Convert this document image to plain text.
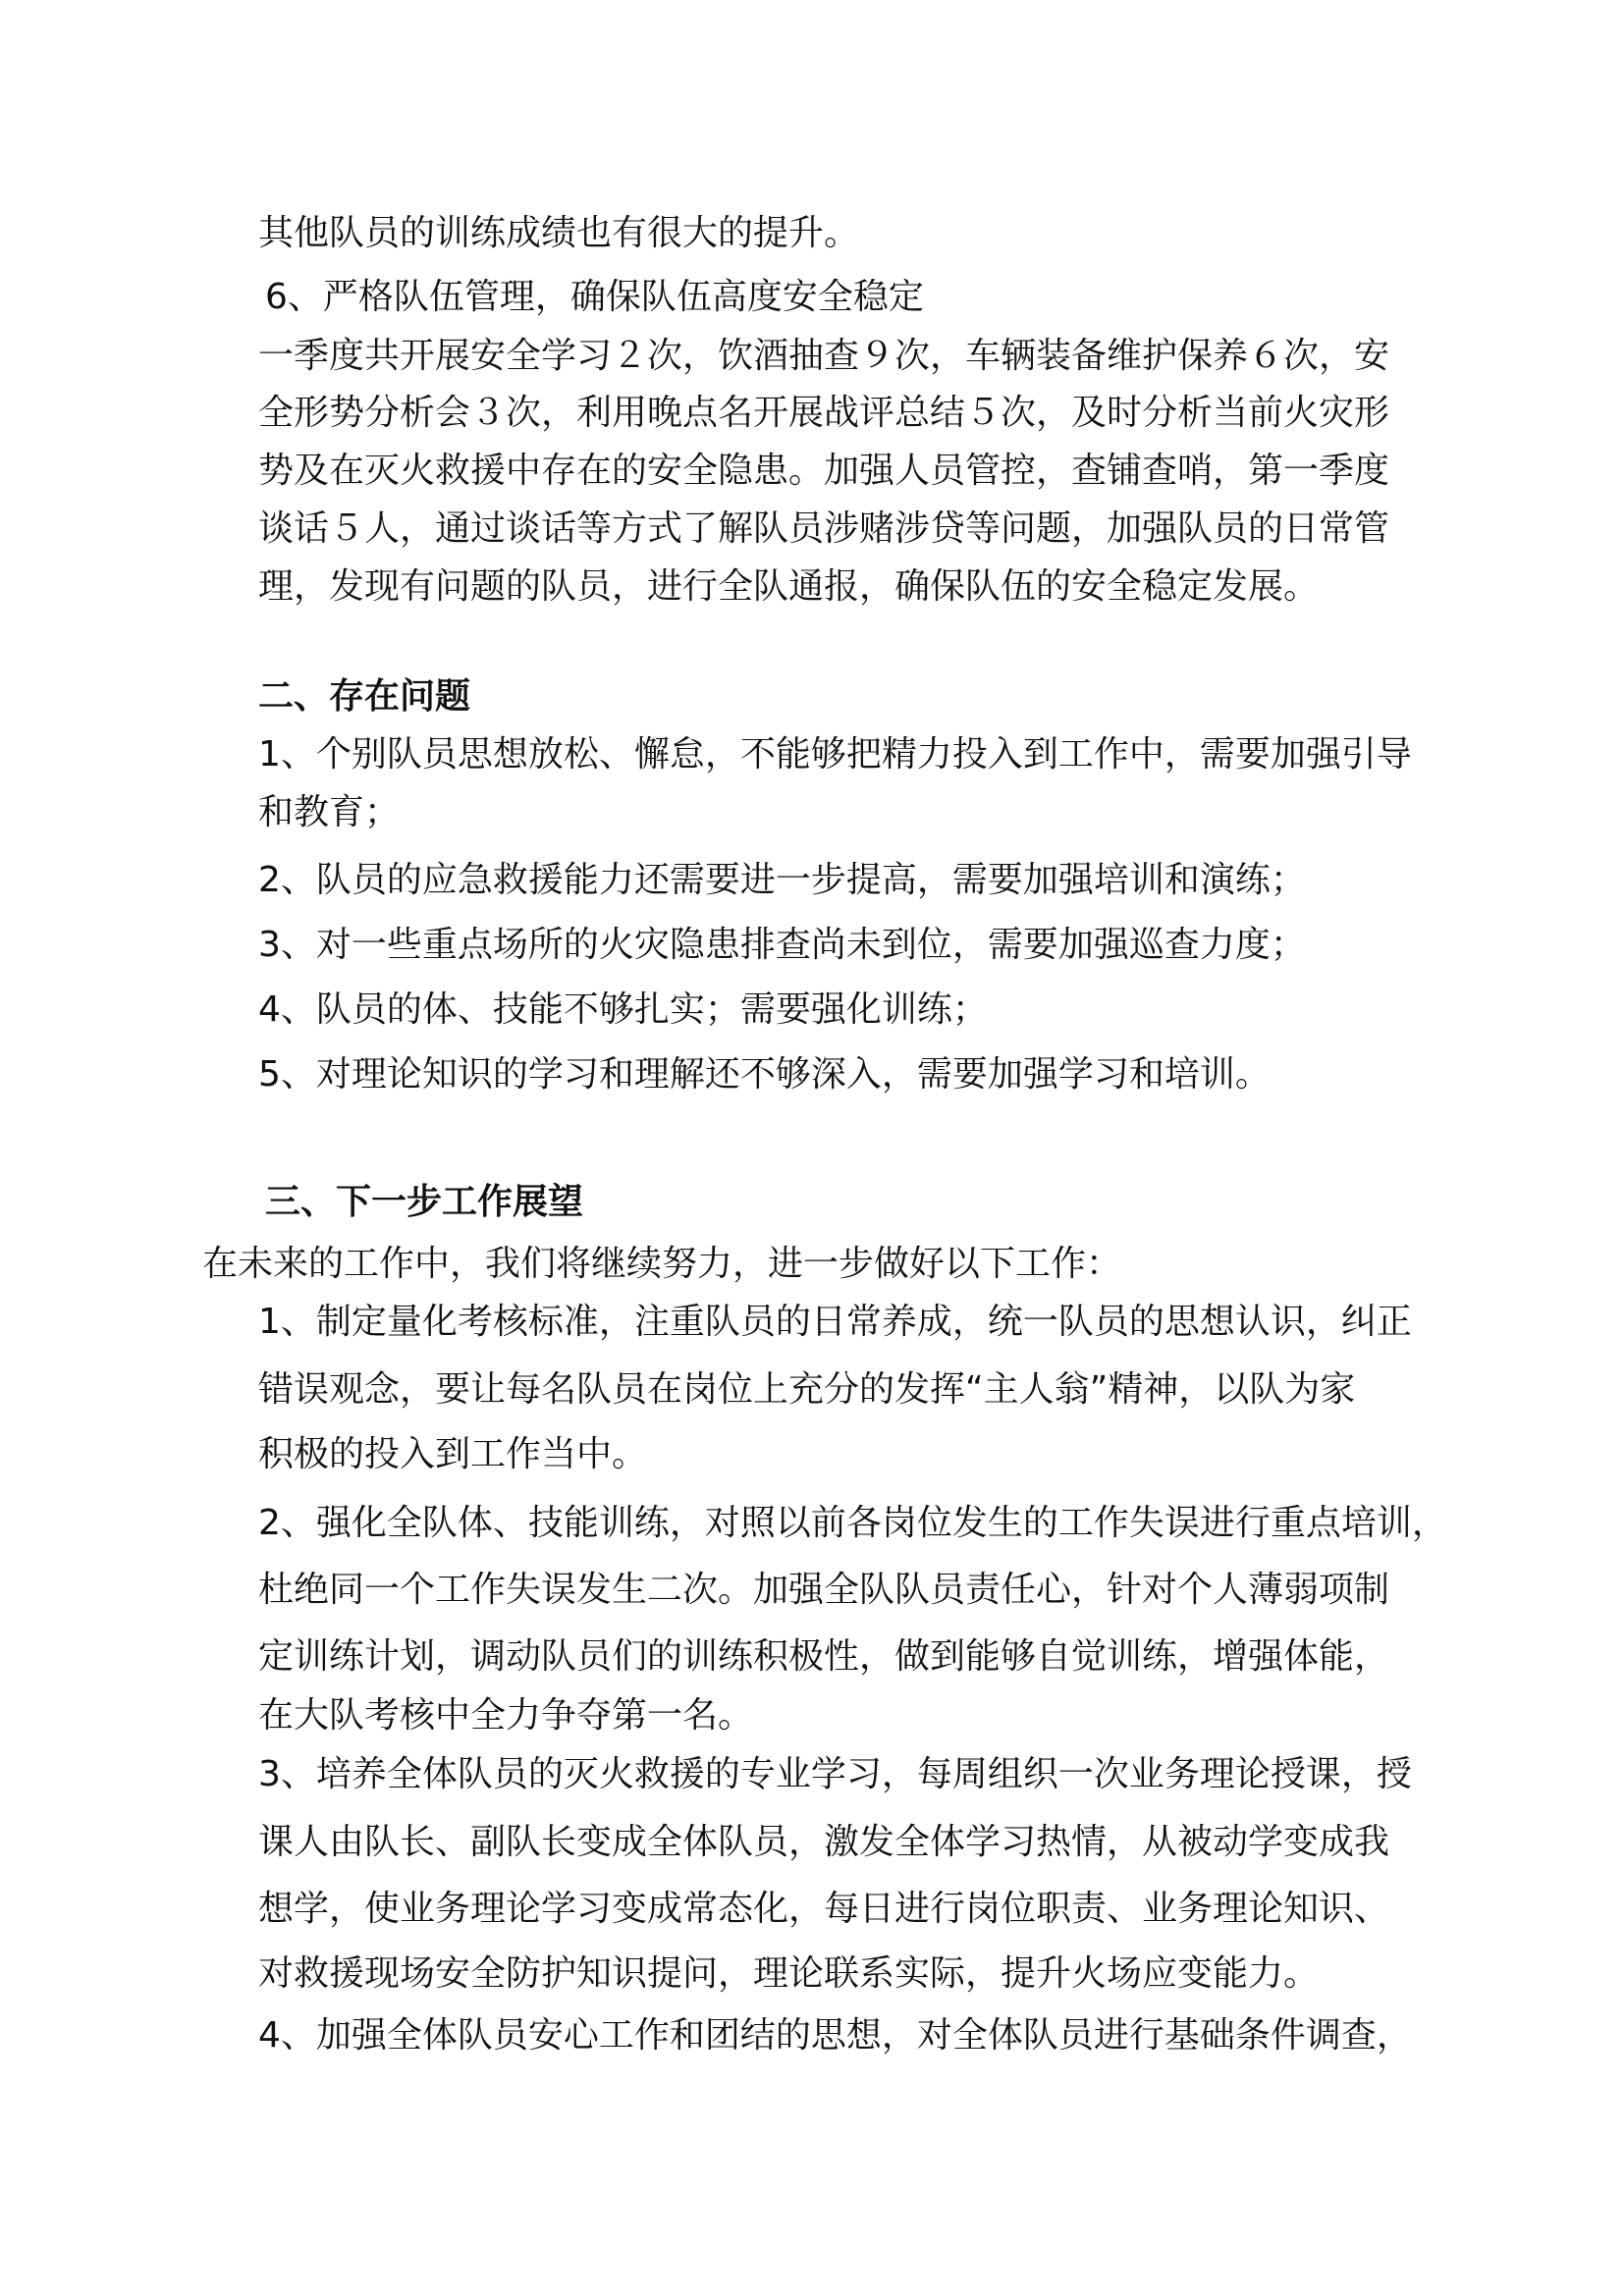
其他队员的训练成绩也有很大的提升。
6、严格队伍管理，确保队伍高度安全稳定
一季度共开展安全学习２次，饮酒抽查９次，车辆装备维护保养６次，安
全形势分析会３次，利用晚点名开展战评总结５次，及时分析当前火灾形
势及在灭火救援中存在的安全隐患。加强人员管控，查铺查哨，第一季度
谈话５人，通过谈话等方式了解队员涉赌涉贷等问题，加强队员的日常管
理，发现有问题的队员，进行全队通报，确保队伍的安全稳定发展。
二、存在问题
1、个别队员思想放松、懈怠，不能够把精力投入到工作中，需要加强引导
和教育；
2、队员的应急救援能力还需要进一步提高，需要加强培训和演练；
3、对一些重点场所的火灾隐患排查尚未到位，需要加强巡查力度；
4、队员的体、技能不够扎实；需要强化训练；
5、对理论知识的学习和理解还不够深入，需要加强学习和培训。
三、下一步工作展望
在未来的工作中，我们将继续努力，进一步做好以下工作：
1、制定量化考核标准，注重队员的日常养成，统一队员的思想认识，纠正
错误观念，要让每名队员在岗位上充分的发挥“主人翁”精神，以队为家
积极的投入到工作当中。
2、强化全队体、技能训练，对照以前各岗位发生的工作失误进行重点培训，
杜绝同一个工作失误发生二次。加强全队队员责任心，针对个人薄弱项制
定训练计划，调动队员们的训练积极性，做到能够自觉训练，增强体能，
在大队考核中全力争夺第一名。
3、培养全体队员的灭火救援的专业学习，每周组织一次业务理论授课，授
课人由队长、副队长变成全体队员，激发全体学习热情，从被动学变成我
想学，使业务理论学习变成常态化，每日进行岗位职责、业务理论知识、
对救援现场安全防护知识提问，理论联系实际，提升火场应变能力。
4、加强全体队员安心工作和团结的思想，对全体队员进行基础条件调查，
